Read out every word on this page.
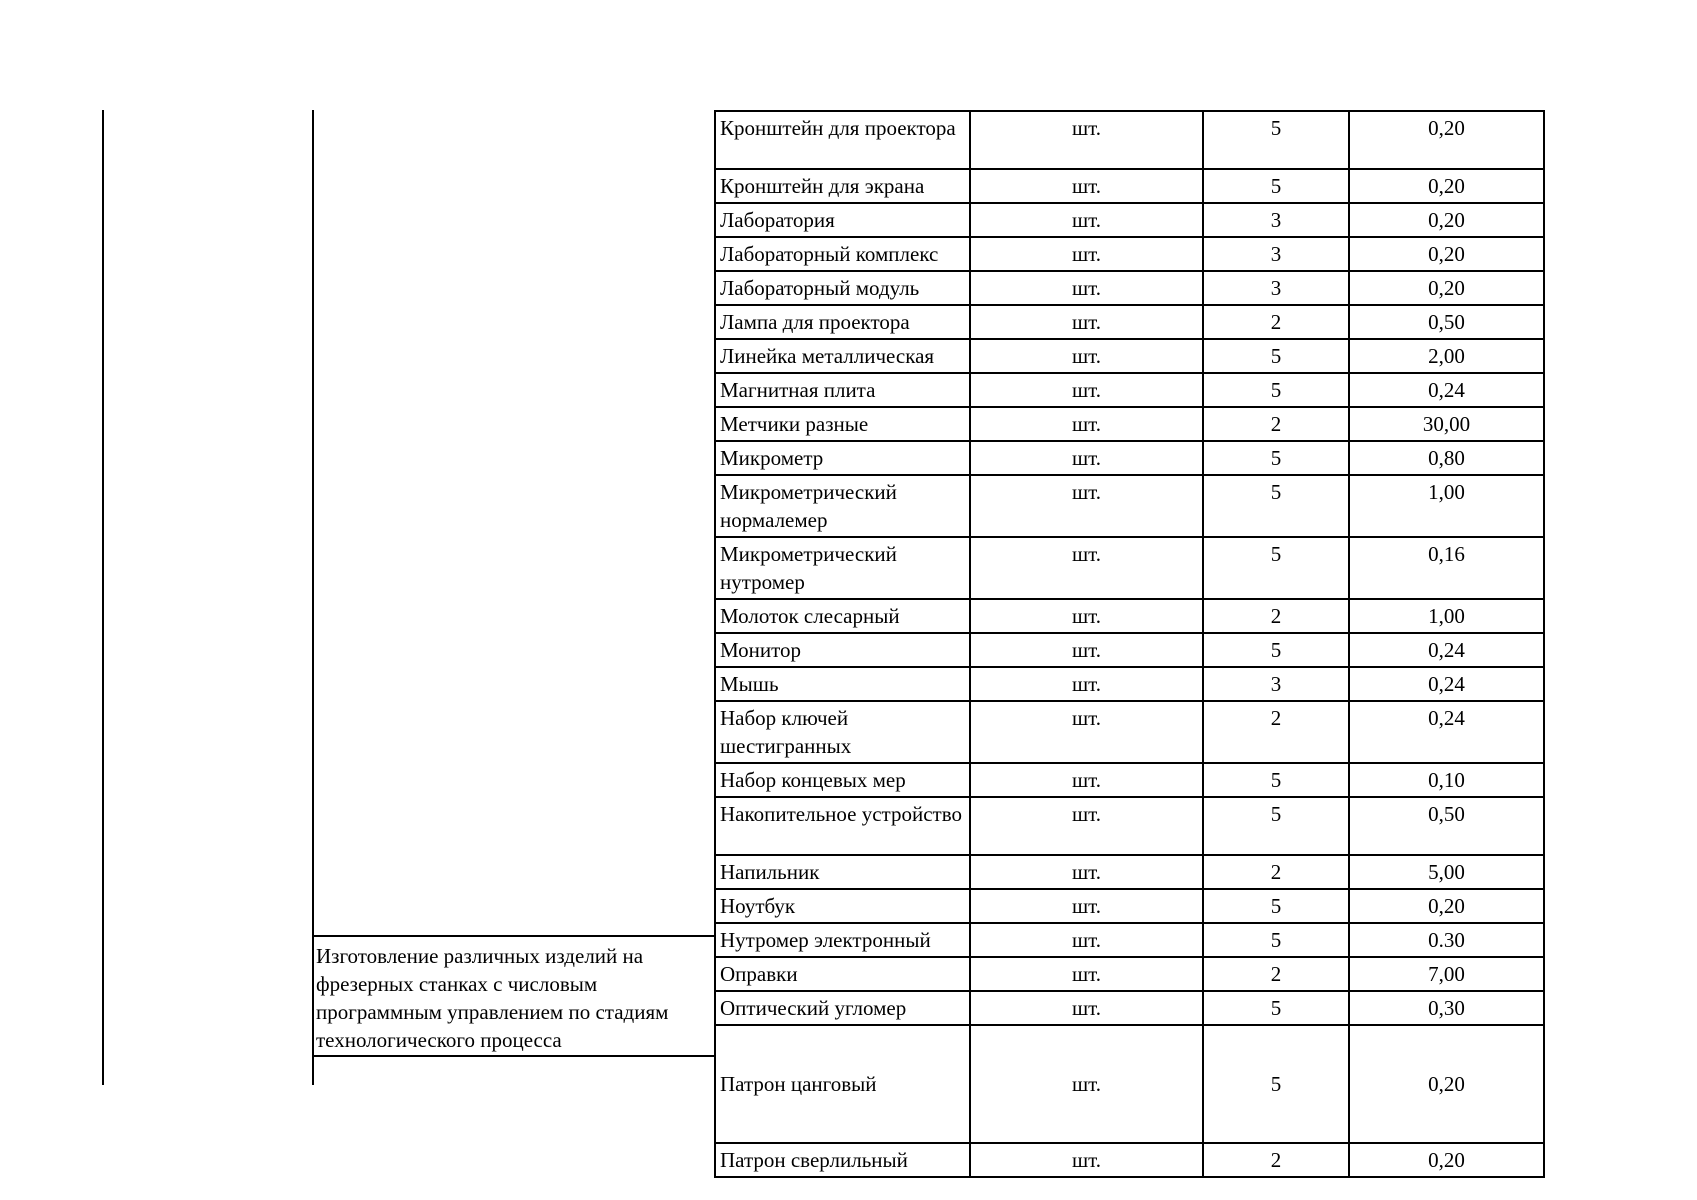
Кронштейн для проектора	шт.	5	0,20
Кронштейн для экрана	шт.	5	0,20
Лаборатория	шт.	3	0,20
Лабораторный комплекс	шт.	3	0,20
Лабораторный модуль	шт.	3	0,20
Лампа для проектора	шт.	2	0,50
Линейка металлическая	шт.	5	2,00
Магнитная плита	шт.	5	0,24
Метчики разные	шт.	2	30,00
Микрометр	шт.	5	0,80
Микрометрический нормалемер	шт.	5	1,00
Микрометрический нутромер	шт.	5	0,16
Молоток слесарный	шт.	2	1,00
Монитор	шт.	5	0,24
Мышь	шт.	3	0,24
Набор ключей шестигранных	шт.	2	0,24
Набор концевых мер	шт.	5	0,10
Накопительное устройство	шт.	5	0,50
Напильник	шт.	2	5,00
Ноутбук	шт.	5	0,20
Нутромер электронный	шт.	5	0.30
Оправки	шт.	2	7,00
Оптический угломер	шт.	5	0,30
Патрон цанговый	шт.	5	0,20
Патрон сверлильный	шт.	2	0,20
Изготовление различных изделий на фрезерных станках с числовым программным управлением по стадиям технологического процесса
